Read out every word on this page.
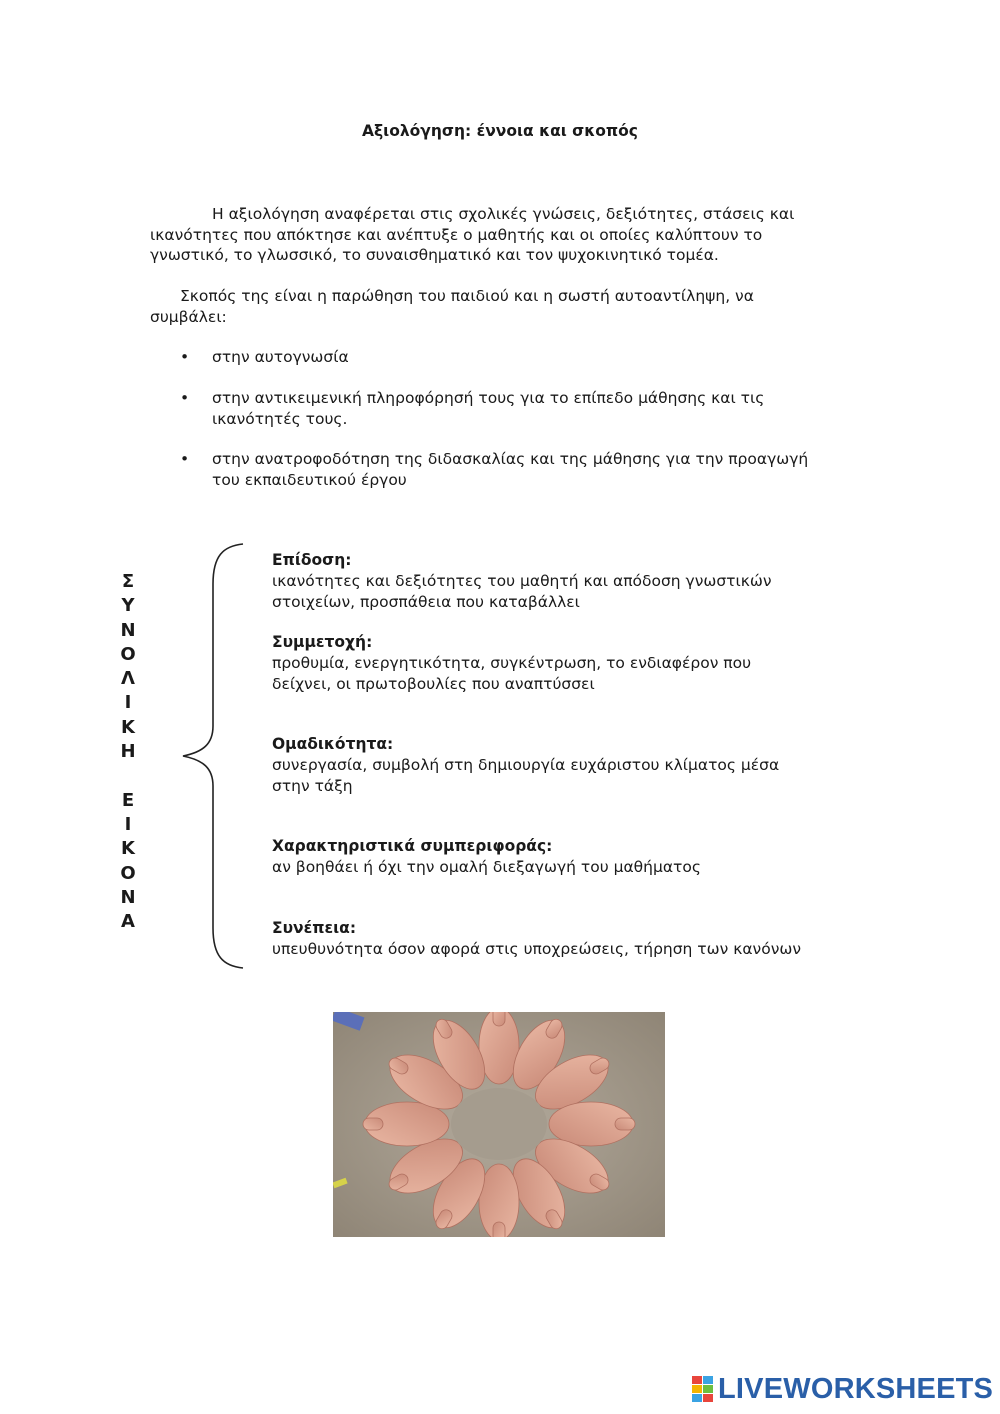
Αξιολόγηση: έννοια και σκοπός
Η αξιολόγηση αναφέρεται στις σχολικές γνώσεις, δεξιότητες, στάσεις και
ικανότητες που απόκτησε και ανέπτυξε ο μαθητής και οι οποίες καλύπτουν το
γνωστικό, το γλωσσικό, το συναισθηματικό και τον ψυχοκινητικό τομέα.
Σκοπός της είναι η παρώθηση του παιδιού και η σωστή αυτοαντίληψη, να
συμβάλει:
• στην αυτογνωσία
• στην αντικειμενική πληροφόρησή τους για το επίπεδο μάθησης και τις
ικανότητές τους.
• στην ανατροφοδότηση της διδασκαλίας και της μάθησης για την προαγωγή
του εκπαιδευτικού έργου
Σ
Υ
Ν
Ο
Λ
Ι
Κ
Η
Ε
Ι
Κ
Ο
Ν
Α
Επίδοση:
ικανότητες και δεξιότητες του μαθητή και απόδοση γνωστικών
στοιχείων, προσπάθεια που καταβάλλει
Συμμετοχή:
προθυμία, ενεργητικότητα, συγκέντρωση, το ενδιαφέρον που
δείχνει, οι πρωτοβουλίες που αναπτύσσει
Ομαδικότητα:
συνεργασία, συμβολή στη δημιουργία ευχάριστου κλίματος μέσα
στην τάξη
Χαρακτηριστικά συμπεριφοράς:
αν βοηθάει ή όχι την ομαλή διεξαγωγή του μαθήματος
Συνέπεια:
υπευθυνότητα όσον αφορά στις υποχρεώσεις, τήρηση των κανόνων
LIVEWORKSHEETS
